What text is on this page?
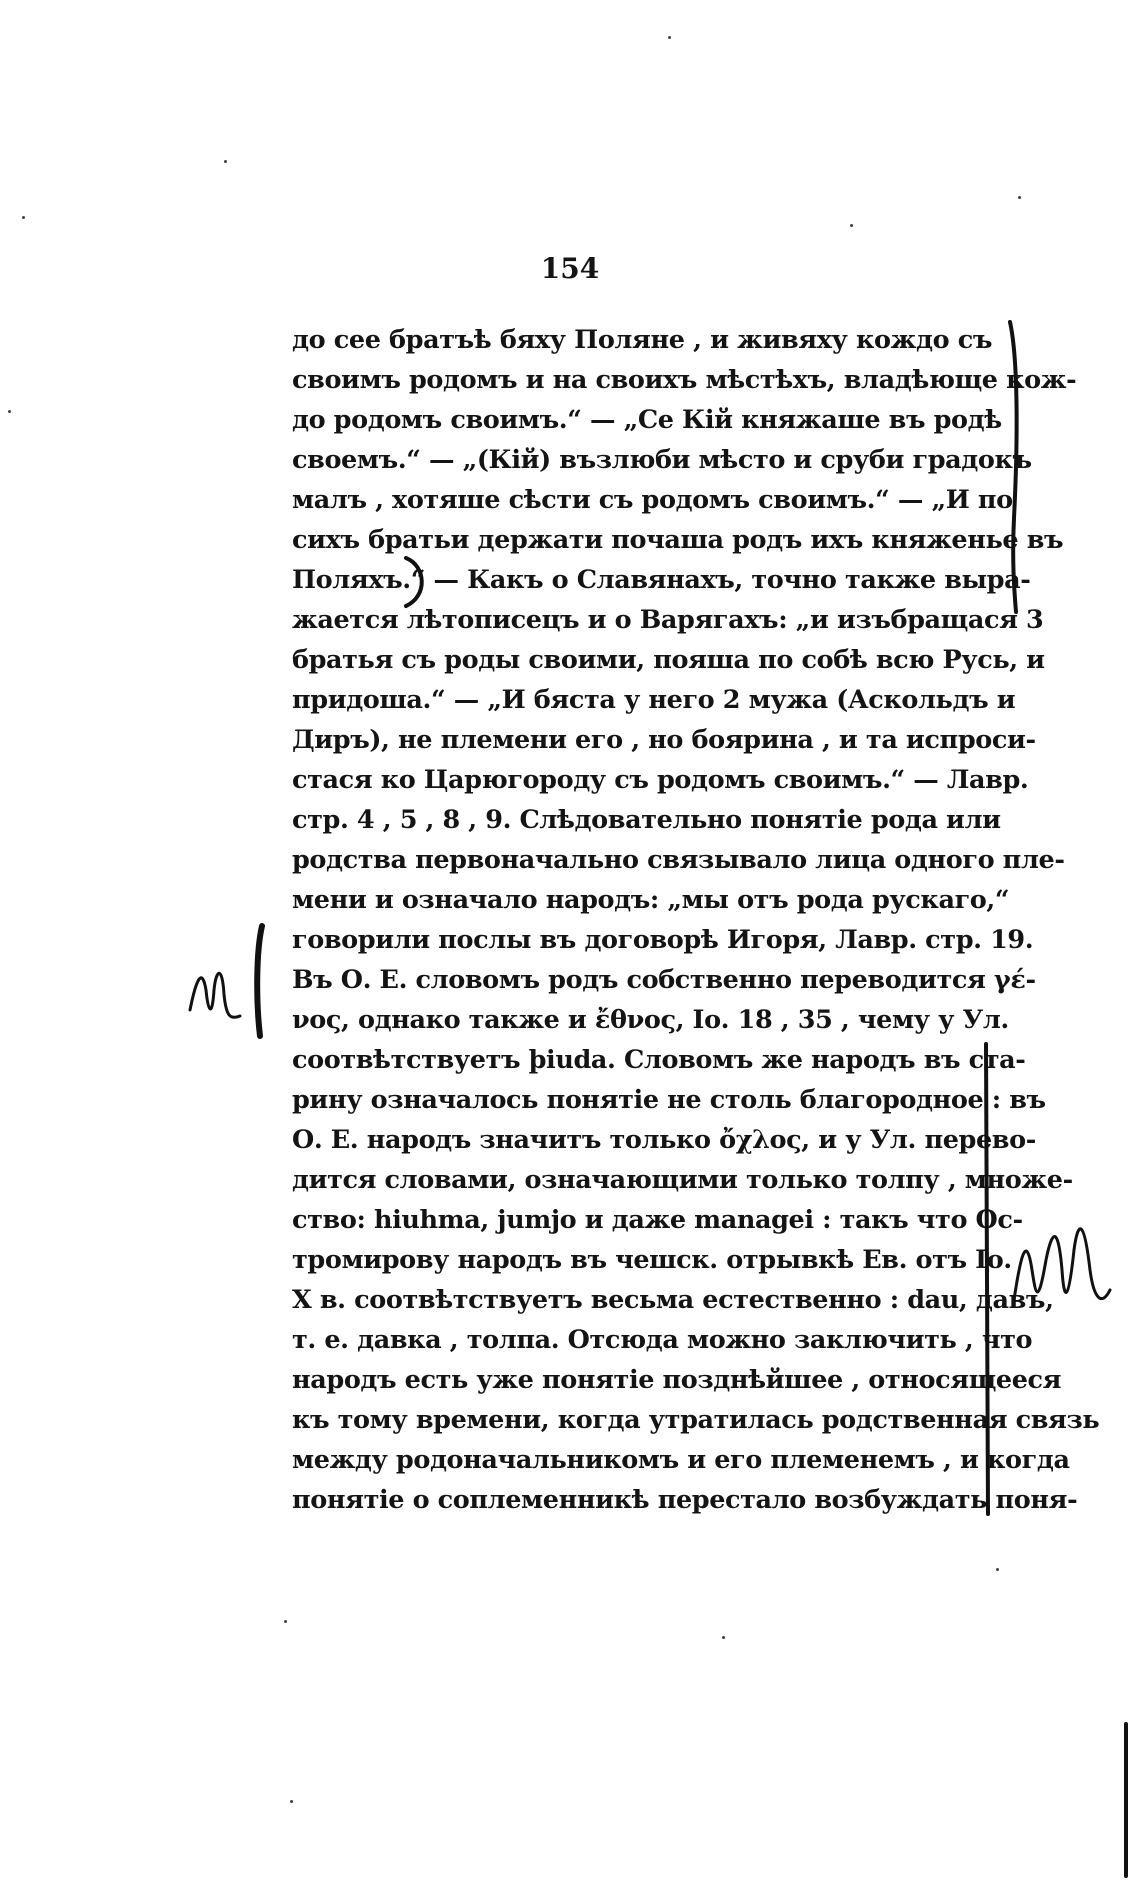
154
до сее братъѣ бяху Поляне , и живяху кождо съ
своимъ родомъ и на своихъ мѣстѣхъ, владѣюще кож-
до родомъ своимъ.“ — „Се Кій княжаше въ родѣ
своемъ.“ — „(Кій) възлюби мѣсто и сруби градокъ
малъ , хотяше сѣсти съ родомъ своимъ.“ — „И по
сихъ братьи держати почаша родъ ихъ княженье въ
Поляхъ.“ — Какъ о Славянахъ, точно также выра-
жается лѣтописецъ и о Варягахъ: „и изъбращася 3
братья съ роды своими, пояша по собѣ всю Русь, и
придоша.“ — „И бяста у него 2 мужа (Аскольдъ и
Диръ), не племени его , но боярина , и та испроси-
стася ко Царюгороду съ родомъ своимъ.“ — Лавр.
стр. 4 , 5 , 8 , 9. Слѣдовательно понятіе рода или
родства первоначально связывало лица одного пле-
мени и означало народъ: „мы отъ рода рускаго,“
говорили послы въ договорѣ Игоря, Лавр. стр. 19.
Въ О. Е. словомъ родъ собственно переводится γέ-
νος, однако также и ἔθνος, Іо. 18 , 35 , чему у Ул.
соотвѣтствуетъ þiuda. Словомъ же народъ въ ста-
рину означалось понятіе не столь благородное : въ
О. Е. народъ значитъ только ὄχλος, и у Ул. перево-
дится словами, означающими только толпу , множе-
ство: hiuhma, jumjo и даже managei : такъ что Ос-
тромирову народъ въ чешск. отрывкѣ Ев. отъ Іо.
X в. соотвѣтствуетъ весьма естественно : dau, давъ,
т. е. давка , толпа. Отсюда можно заключить , что
народъ есть уже понятіе позднѣйшее , относящееся
къ тому времени, когда утратилась родственная связь
между родоначальникомъ и его племенемъ , и когда
понятіе о соплеменникѣ перестало возбуждать поня-
